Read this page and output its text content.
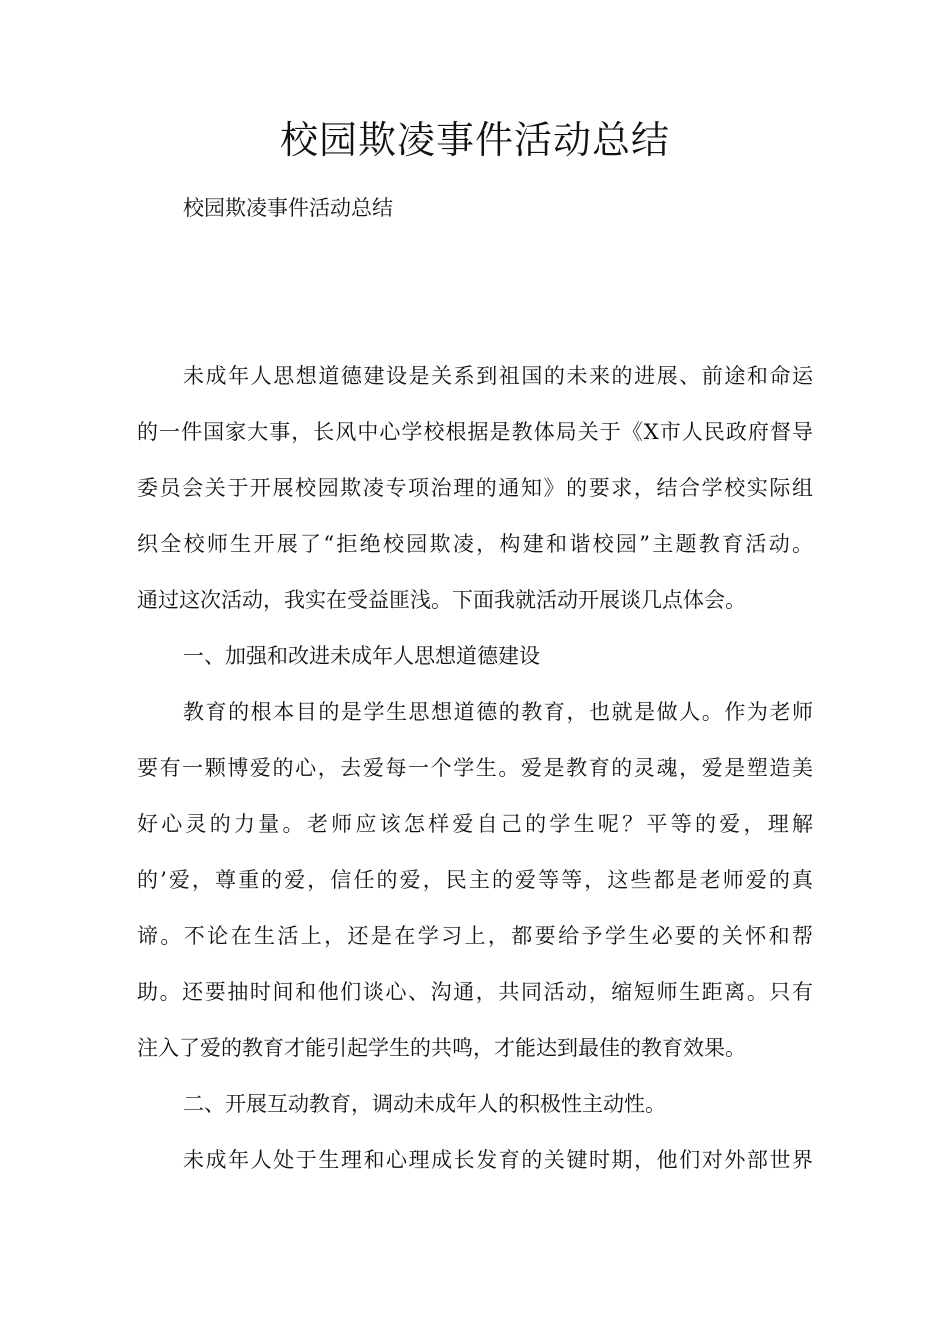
校园欺凌事件活动总结

校园欺凌事件活动总结

未成年人思想道德建设是关系到祖国的未来的进展、前途和命运
的一件国家大事，长风中心学校根据是教体局关于《X市人民政府督导
委员会关于开展校园欺凌专项治理的通知》的要求，结合学校实际组
织全校师生开展了“拒绝校园欺凌，构建和谐校园”主题教育活动。
通过这次活动，我实在受益匪浅。下面我就活动开展谈几点体会。
一、加强和改进未成年人思想道德建设
教育的根本目的是学生思想道德的教育，也就是做人。作为老师
要有一颗博爱的心，去爱每一个学生。爱是教育的灵魂，爱是塑造美
好心灵的力量。老师应该怎样爱自己的学生呢？平等的爱，理解
的’爱，尊重的爱，信任的爱，民主的爱等等，这些都是老师爱的真
谛。不论在生活上，还是在学习上，都要给予学生必要的关怀和帮
助。还要抽时间和他们谈心、沟通，共同活动，缩短师生距离。只有
注入了爱的教育才能引起学生的共鸣，才能达到最佳的教育效果。
二、开展互动教育，调动未成年人的积极性主动性。
未成年人处于生理和心理成长发育的关键时期，他们对外部世界
